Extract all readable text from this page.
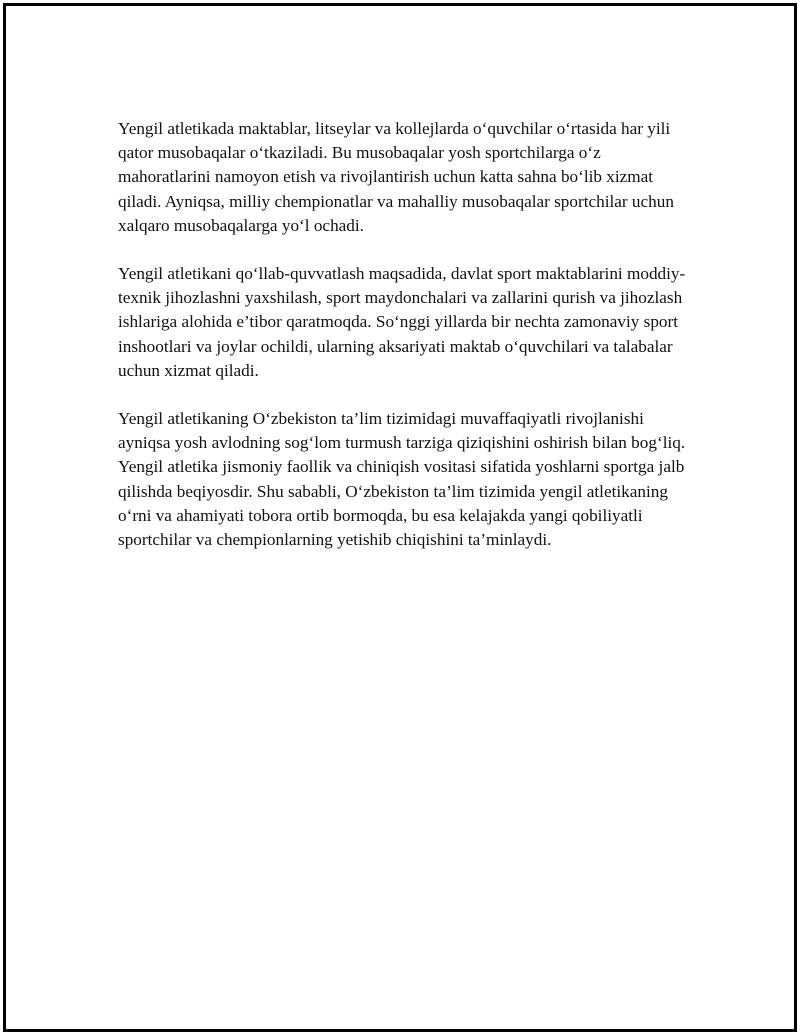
Yengil atletikada maktablar, litseylar va kollejlarda o‘quvchilar o‘rtasida har yili qator musobaqalar o‘tkaziladi. Bu musobaqalar yosh sportchilarga o‘z mahoratlarini namoyon etish va rivojlantirish uchun katta sahna bo‘lib xizmat qiladi. Ayniqsa, milliy chempionatlar va mahalliy musobaqalar sportchilar uchun xalqaro musobaqalarga yo‘l ochadi.

Yengil atletikani qo‘llab-quvvatlash maqsadida, davlat sport maktablarini moddiy-texnik jihozlashni yaxshilash, sport maydonchalari va zallarini qurish va jihozlash ishlariga alohida e’tibor qaratmoqda. So‘nggi yillarda bir nechta zamonaviy sport inshootlari va joylar ochildi, ularning aksariyati maktab o‘quvchilari va talabalar uchun xizmat qiladi.

Yengil atletikaning O‘zbekiston ta’lim tizimidagi muvaffaqiyatli rivojlanishi ayniqsa yosh avlodning sog‘lom turmush tarziga qiziqishini oshirish bilan bog‘liq. Yengil atletika jismoniy faollik va chiniqish vositasi sifatida yoshlarni sportga jalb qilishda beqiyosdir. Shu sababli, O‘zbekiston ta’lim tizimida yengil atletikaning o‘rni va ahamiyati tobora ortib bormoqda, bu esa kelajakda yangi qobiliyatli sportchilar va chempionlarning yetishib chiqishini ta’minlaydi.
